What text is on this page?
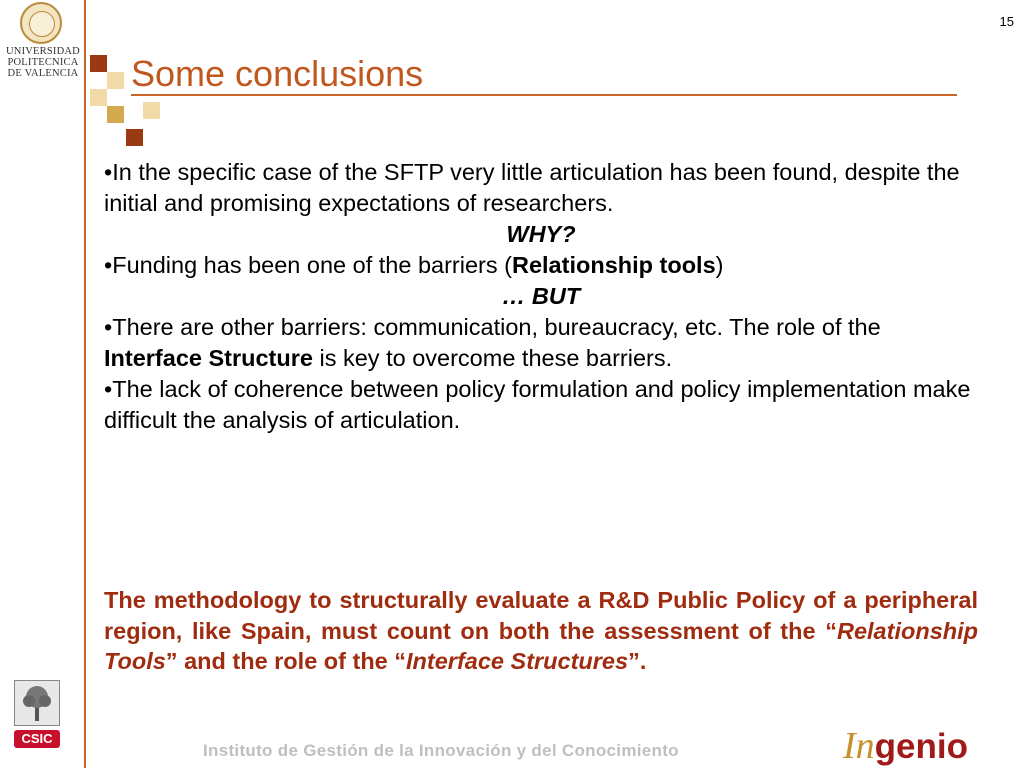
UNIVERSIDAD
POLITECNICA
DE VALENCIA
15
Some conclusions

•In the specific case of the SFTP very little articulation has been found, despite the initial and promising expectations of researchers.

WHY?

•Funding has been one of the barriers (Relationship tools)

… BUT

•There are other barriers: communication, bureaucracy, etc. The role of the Interface Structure is key to overcome these barriers.

•The lack of coherence between policy formulation and policy implementation make difficult the analysis of articulation.

The methodology to structurally evaluate a R&D Public Policy of a peripheral region, like Spain, must count on both the assessment of the “Relationship Tools” and the role of the “Interface Structures”.
CSIC
Instituto de Gestión de la Innovación y del Conocimiento	Ingenio
